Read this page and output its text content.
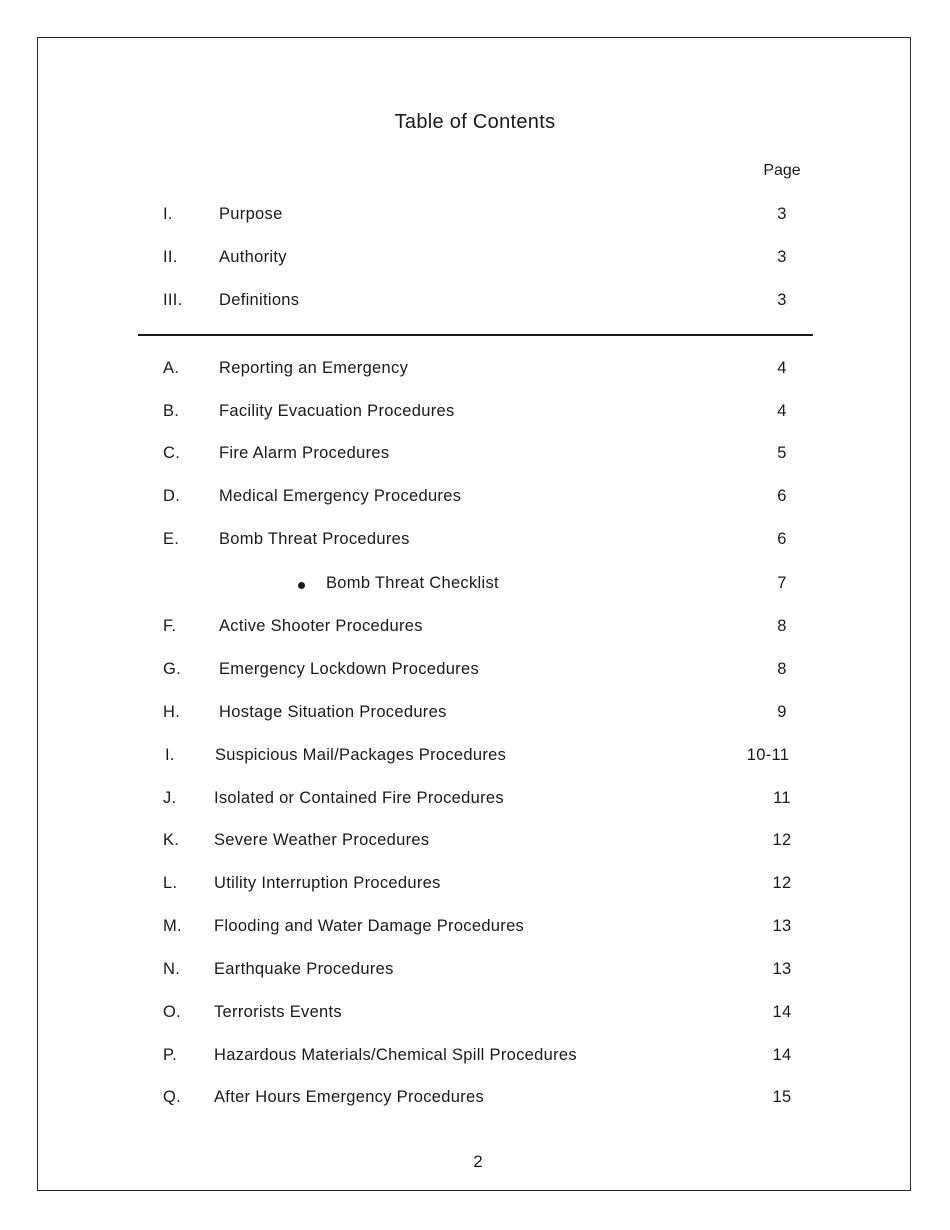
Table of Contents
Page
I.	Purpose	3
II.	Authority	3
III. Definitions	3
A. Reporting an Emergency	4
B. Facility Evacuation Procedures	4
C. Fire Alarm Procedures	5
D. Medical Emergency Procedures	6
E. Bomb Threat Procedures	6
Bomb Threat Checklist	7
F.	Active Shooter Procedures	8
G. Emergency Lockdown Procedures	8
H. Hostage Situation Procedures	9
I. Suspicious Mail/Packages Procedures	10-11
J. Isolated or Contained Fire Procedures	11
K. Severe Weather Procedures	12
L. Utility Interruption Procedures	12
M. Flooding and Water Damage Procedures	13
N. Earthquake Procedures	13
O. Terrorists Events	14
P. Hazardous Materials/Chemical Spill Procedures	14
Q. After Hours Emergency Procedures	15
2
